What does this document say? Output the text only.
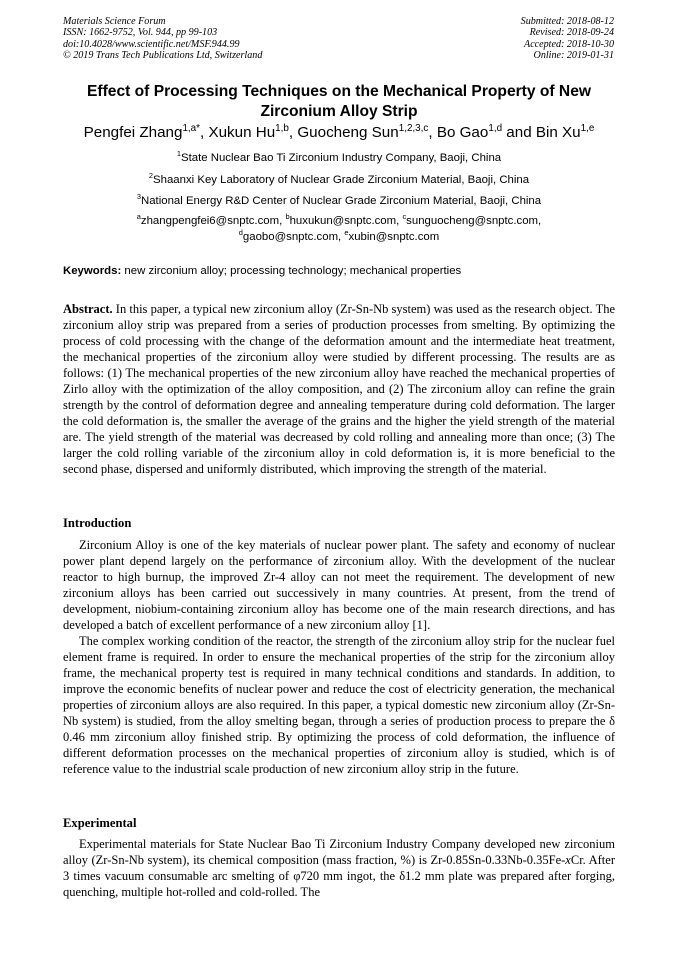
Materials Science Forum
ISSN: 1662-9752, Vol. 944, pp 99-103
doi:10.4028/www.scientific.net/MSF.944.99
© 2019 Trans Tech Publications Ltd, Switzerland
Submitted: 2018-08-12
Revised: 2018-09-24
Accepted: 2018-10-30
Online: 2019-01-31
Effect of Processing Techniques on the Mechanical Property of New Zirconium Alloy Strip
Pengfei Zhang$^{1,a*}$, Xukun Hu$^{1,b}$, Guocheng Sun$^{1,2,3,c}$, Bo Gao$^{1,d}$ and Bin Xu$^{1,e}$
$^1$State Nuclear Bao Ti Zirconium Industry Company, Baoji, China
$^2$Shaanxi Key Laboratory of Nuclear Grade Zirconium Material, Baoji, China
$^3$National Energy R&D Center of Nuclear Grade Zirconium Material, Baoji, China
$^a$zhangpengfei6@snptc.com, $^b$huxukun@snptc.com, $^c$sunguocheng@snptc.com,
$^d$gaobo@snptc.com, $^e$xubin@snptc.com
Keywords: new zirconium alloy; processing technology; mechanical properties
Abstract. In this paper, a typical new zirconium alloy (Zr-Sn-Nb system) was used as the research object. The zirconium alloy strip was prepared from a series of production processes from smelting. By optimizing the process of cold processing with the change of the deformation amount and the intermediate heat treatment, the mechanical properties of the zirconium alloy were studied by different processing. The results are as follows: (1) The mechanical properties of the new zirconium alloy have reached the mechanical properties of Zirlo alloy with the optimization of the alloy composition, and (2) The zirconium alloy can refine the grain strength by the control of deformation degree and annealing temperature during cold deformation. The larger the cold deformation is, the smaller the average of the grains and the higher the yield strength of the material are. The yield strength of the material was decreased by cold rolling and annealing more than once; (3) The larger the cold rolling variable of the zirconium alloy in cold deformation is, it is more beneficial to the second phase, dispersed and uniformly distributed, which improving the strength of the material.
Introduction
Zirconium Alloy is one of the key materials of nuclear power plant. The safety and economy of nuclear power plant depend largely on the performance of zirconium alloy. With the development of the nuclear reactor to high burnup, the improved Zr-4 alloy can not meet the requirement. The development of new zirconium alloys has been carried out successively in many countries. At present, from the trend of development, niobium-containing zirconium alloy has become one of the main research directions, and has developed a batch of excellent performance of a new zirconium alloy [1].
The complex working condition of the reactor, the strength of the zirconium alloy strip for the nuclear fuel element frame is required. In order to ensure the mechanical properties of the strip for the zirconium alloy frame, the mechanical property test is required in many technical conditions and standards. In addition, to improve the economic benefits of nuclear power and reduce the cost of electricity generation, the mechanical properties of zirconium alloys are also required. In this paper, a typical domestic new zirconium alloy (Zr-Sn-Nb system) is studied, from the alloy smelting began, through a series of production process to prepare the δ 0.46 mm zirconium alloy finished strip. By optimizing the process of cold deformation, the influence of different deformation processes on the mechanical properties of zirconium alloy is studied, which is of reference value to the industrial scale production of new zirconium alloy strip in the future.
Experimental
Experimental materials for State Nuclear Bao Ti Zirconium Industry Company developed new zirconium alloy (Zr-Sn-Nb system), its chemical composition (mass fraction, %) is Zr-0.85Sn-0.33Nb-0.35Fe-xCr. After 3 times vacuum consumable arc smelting of φ720 mm ingot, the δ1.2 mm plate was prepared after forging, quenching, multiple hot-rolled and cold-rolled. The
